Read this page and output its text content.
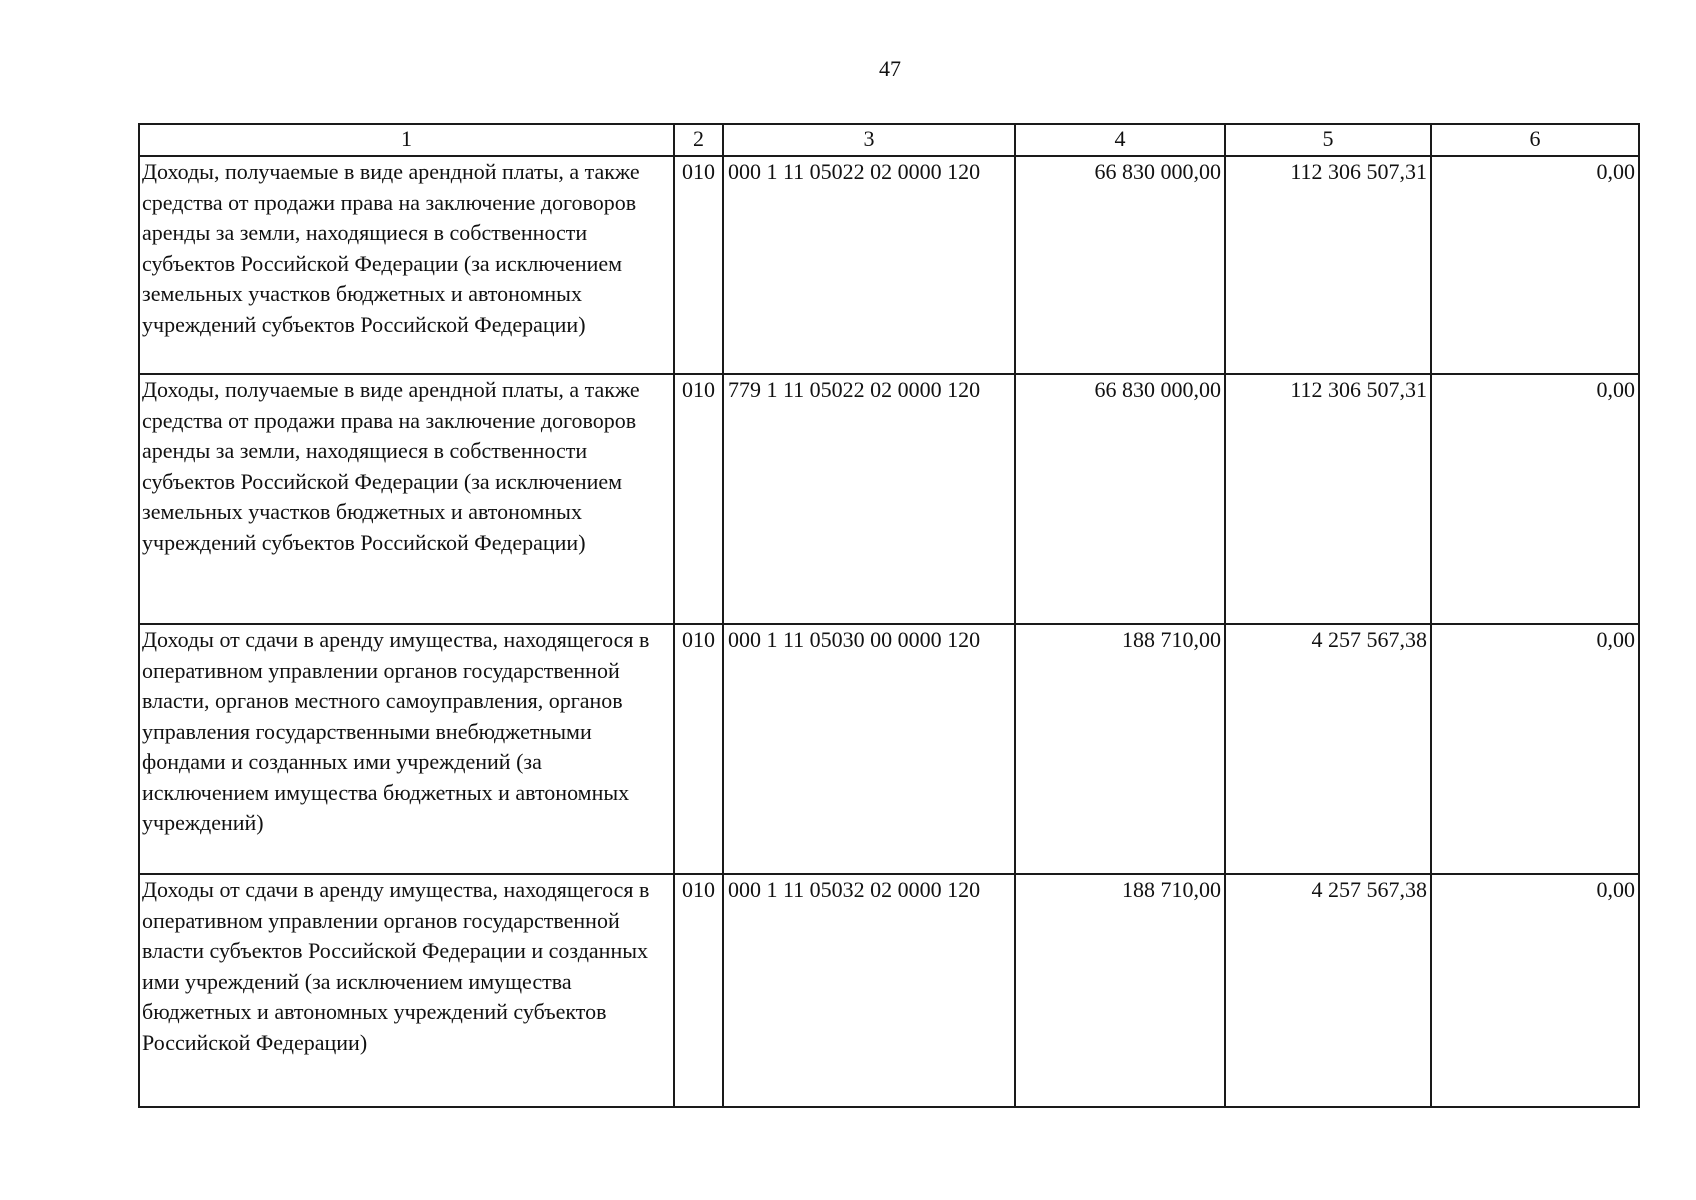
47
1	2	3	4	5	6
Доходы, получаемые в виде арендной платы, а также средства от продажи права на заключение договоров аренды за земли, находящиеся в собственности субъектов Российской Федерации (за исключением земельных участков бюджетных и автономных учреждений субъектов Российской Федерации)	010	000 1 11 05022 02 0000 120	66 830 000,00	112 306 507,31	0,00
Доходы, получаемые в виде арендной платы, а также средства от продажи права на заключение договоров аренды за земли, находящиеся в собственности субъектов Российской Федерации (за исключением земельных участков бюджетных и автономных учреждений субъектов Российской Федерации)	010	779 1 11 05022 02 0000 120	66 830 000,00	112 306 507,31	0,00
Доходы от сдачи в аренду имущества, находящегося в оперативном управлении органов государственной власти, органов местного самоуправления, органов управления государственными внебюджетными фондами и созданных ими учреждений (за исключением имущества бюджетных и автономных учреждений)	010	000 1 11 05030 00 0000 120	188 710,00	4 257 567,38	0,00
Доходы от сдачи в аренду имущества, находящегося в оперативном управлении органов государственной власти субъектов Российской Федерации и созданных ими учреждений (за исключением имущества бюджетных и автономных учреждений субъектов Российской Федерации)	010	000 1 11 05032 02 0000 120	188 710,00	4 257 567,38	0,00
